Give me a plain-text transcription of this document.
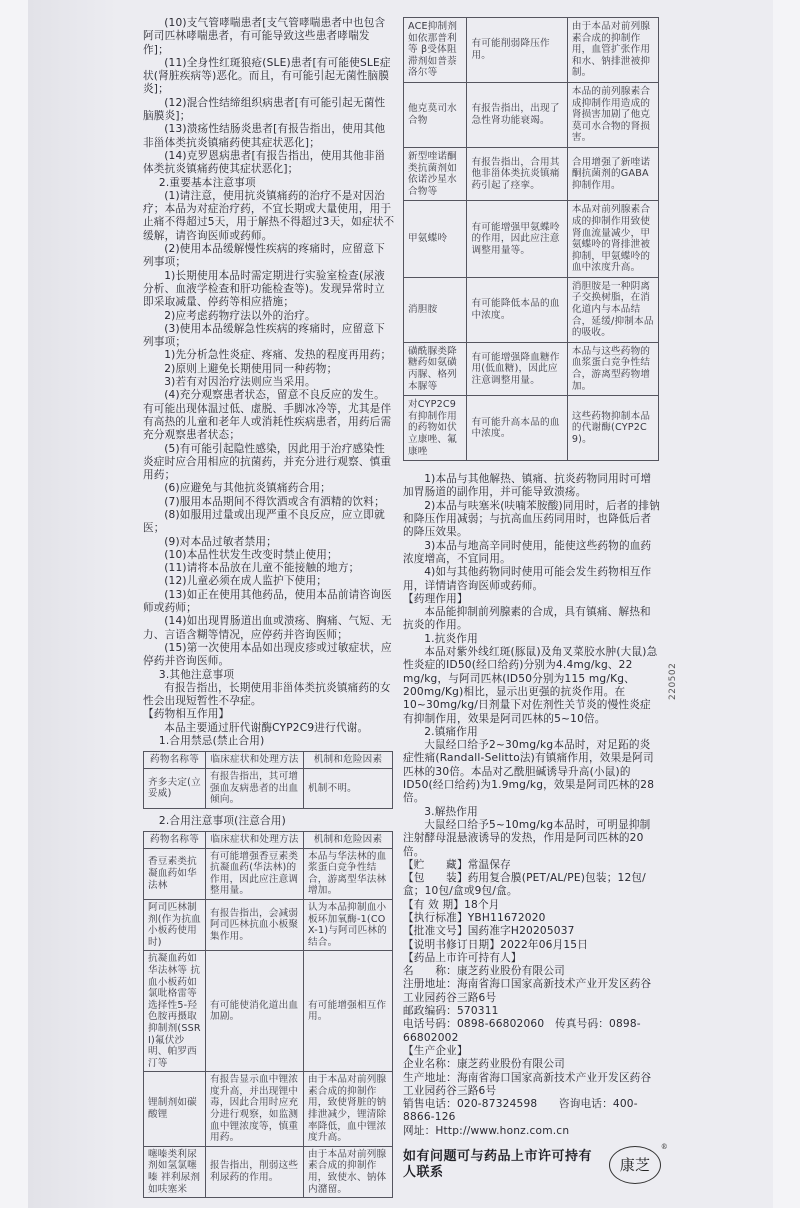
(10)支气管哮喘患者[支气管哮喘患者中也包含阿司匹林哮喘患者，有可能导致这些患者哮喘发作]；

(11)全身性红斑狼疮(SLE)患者[有可能使SLE症状(肾脏疾病等)恶化。而且，有可能引起无菌性脑膜炎]；

(12)混合性结缔组织病患者[有可能引起无菌性脑膜炎]；

(13)溃疡性结肠炎患者[有报告指出，使用其他非甾体类抗炎镇痛药使其症状恶化]；

(14)克罗恩病患者[有报告指出，使用其他非甾体类抗炎镇痛药使其症状恶化]；

2.重要基本注意事项

(1)请注意，使用抗炎镇痛药的治疗不是对因治疗；本品为对症治疗药，不宜长期或大量使用，用于止痛不得超过5天，用于解热不得超过3天，如症状不缓解，请咨询医师或药师。

(2)使用本品缓解慢性疾病的疼痛时，应留意下列事项；

1)长期使用本品时需定期进行实验室检查(尿液分析、血液学检查和肝功能检查等)。发现异常时立即采取减量、停药等相应措施；

2)应考虑药物疗法以外的治疗。

(3)使用本品缓解急性疾病的疼痛时，应留意下列事项；

1)先分析急性炎症、疼痛、发热的程度再用药；

2)原则上避免长期使用同一种药物；

3)若有对因治疗法则应当采用。

(4)充分观察患者状态，留意不良反应的发生。有可能出现体温过低、虚脱、手脚冰冷等，尤其是伴有高热的儿童和老年人或消耗性疾病患者，用药后需充分观察患者状态；

(5)有可能引起隐性感染，因此用于治疗感染性炎症时应合用相应的抗菌药，并充分进行观察、慎重用药；

(6)应避免与其他抗炎镇痛药合用；

(7)服用本品期间不得饮酒或含有酒精的饮料；

(8)如服用过量或出现严重不良反应，应立即就医；

(9)对本品过敏者禁用；

(10)本品性状发生改变时禁止使用；

(11)请将本品放在儿童不能接触的地方；

(12)儿童必须在成人监护下使用；

(13)如正在使用其他药品，使用本品前请咨询医师或药师；

(14)如出现胃肠道出血或溃疡、胸痛、气短、无力、言语含糊等情况，应停药并咨询医师；

(15)第一次使用本品如出现皮疹或过敏症状，应停药并咨询医师。

3.其他注意事项

有报告指出，长期使用非甾体类抗炎镇痛药的女性会出现短暂性不孕症。

【药物相互作用】

本品主要通过肝代谢酶CYP2C9进行代谢。

1.合用禁忌(禁止合用)

药物名称等	临床症状和处理方法	机制和危险因素
齐多夫定(立妥威)	有报告指出，其可增强血友病患者的出血倾向。	机制不明。

2.合用注意事项(注意合用)

药物名称等	临床症状和处理方法	机制和危险因素
香豆素类抗凝血药如华法林	有可能增强香豆素类抗凝血药(华法林)的作用，因此应注意调整用量。	本品与华法林的血浆蛋白竞争性结合，游离型华法林增加。
阿司匹林制剂(作为抗血小板药使用时)	有报告指出，会减弱阿司匹林抗血小板聚集作用。	认为本品抑制血小板环加氧酶-1(COX-1)与阿司匹林的结合。
抗凝血药如华法林等 抗血小板药如氯吡格雷等 选择性5-羟色胺再摄取抑制剂(SSRI)氟伏沙明、帕罗西汀等	有可能使消化道出血加剧。	有可能增强相互作用。
锂制剂如碳酸锂	有报告显示血中锂浓度升高，并出现锂中毒，因此合用时应充分进行观察，如监测血中锂浓度等，慎重用药。	由于本品对前列腺素合成的抑制作用，致使肾脏的钠排泄减少，锂清除率降低，血中锂浓度升高。
噻嗪类利尿剂如氢氯噻嗪 袢利尿剂如呋塞米	报告指出，削弱这些利尿药的作用。	由于本品对前列腺素合成的抑制作用，致使水、钠体内潴留。
ACE抑制剂如依那普利等 β受体阻滞剂如普萘洛尔等	有可能削弱降压作用。	由于本品对前列腺素合成的抑制作用，血管扩张作用和水、钠排泄被抑制。
他克莫司水合物	有报告指出，出现了急性肾功能衰竭。	本品的前列腺素合成抑制作用造成的肾损害加剧了他克莫司水合物的肾损害。
新型喹诺酮类抗菌剂如依诺沙星水合物等	有报告指出，合用其他非甾体类抗炎镇痛药引起了痉挛。	合用增强了新喹诺酮抗菌剂的GABA抑制作用。
甲氨蝶呤	有可能增强甲氨蝶呤的作用，因此应注意调整用量等。	本品对前列腺素合成的抑制作用致使肾血流量减少，甲氨蝶呤的肾排泄被抑制，甲氨蝶呤的血中浓度升高。
消胆胺	有可能降低本品的血中浓度。	消胆胺是一种阴离子交换树脂，在消化道内与本品结合，延缓/抑制本品的吸收。
磺酰脲类降糖药如氨磺丙脲、格列本脲等	有可能增强降血糖作用(低血糖)，因此应注意调整用量。	本品与这些药物的血浆蛋白竞争性结合，游离型药物增加。
对CYP2C9有抑制作用的药物如伏立康唑、氟康唑	有可能升高本品的血中浓度。	这些药物抑制本品的代谢酶(CYP2C9)。

1)本品与其他解热、镇痛、抗炎药物同用时可增加胃肠道的副作用，并可能导致溃疡。

2)本品与呋塞米(呋喃苯胺酸)同用时，后者的排钠和降压作用减弱；与抗高血压药同用时，也降低后者的降压效果。

3)本品与地高辛同时使用，能使这些药物的血药浓度增高，不宜同用。

4)如与其他药物同时使用可能会发生药物相互作用，详情请咨询医师或药师。

【药理作用】

本品能抑制前列腺素的合成，具有镇痛、解热和抗炎的作用。

1.抗炎作用

本品对紫外线红斑(豚鼠)及角叉菜胶水肿(大鼠)急性炎症的ID50(经口给药)分别为4.4mg/kg、22 mg/kg，与阿司匹林(ID50分别为115 mg/Kg、200mg/Kg)相比，显示出更强的抗炎作用。在10~30mg/kg/日剂量下对佐剂性关节炎的慢性炎症有抑制作用，效果是阿司匹林的5~10倍。

2.镇痛作用

大鼠经口给予2~30mg/kg本品时，对足跖的炎症性痛(Randall-Selitto法)有镇痛作用，效果是阿司匹林的30倍。本品对乙酰胆碱诱导升高(小鼠)的ID50(经口给药)为1.9mg/kg，效果是阿司匹林的28倍。

3.解热作用

大鼠经口给予5~10mg/kg本品时，可明显抑制注射酵母混悬液诱导的发热，作用是阿司匹林的20倍。

【贮　　藏】常温保存

【包　　装】药用复合膜(PET/AL/PE)包装；12包/盒；10包/盒或9包/盒。

【有 效 期】18个月

【执行标准】YBH11672020

【批准文号】国药准字H20205037

【说明书修订日期】2022年06月15日

【药品上市许可持有人】

名　　称：康芝药业股份有限公司

注册地址：海南省海口国家高新技术产业开发区药谷工业园药谷三路6号

邮政编码：570311

电话号码：0898-66802060　传真号码：0898-66802002

【生产企业】

企业名称：康芝药业股份有限公司

生产地址：海南省海口国家高新技术产业开发区药谷工业园药谷三路6号

销售电话：020-87324598　　咨询电话：400-8866-126

网址：Http://www.honz.com.cn

如有问题可与药品上市许可持有人联系	康芝
®
220502
